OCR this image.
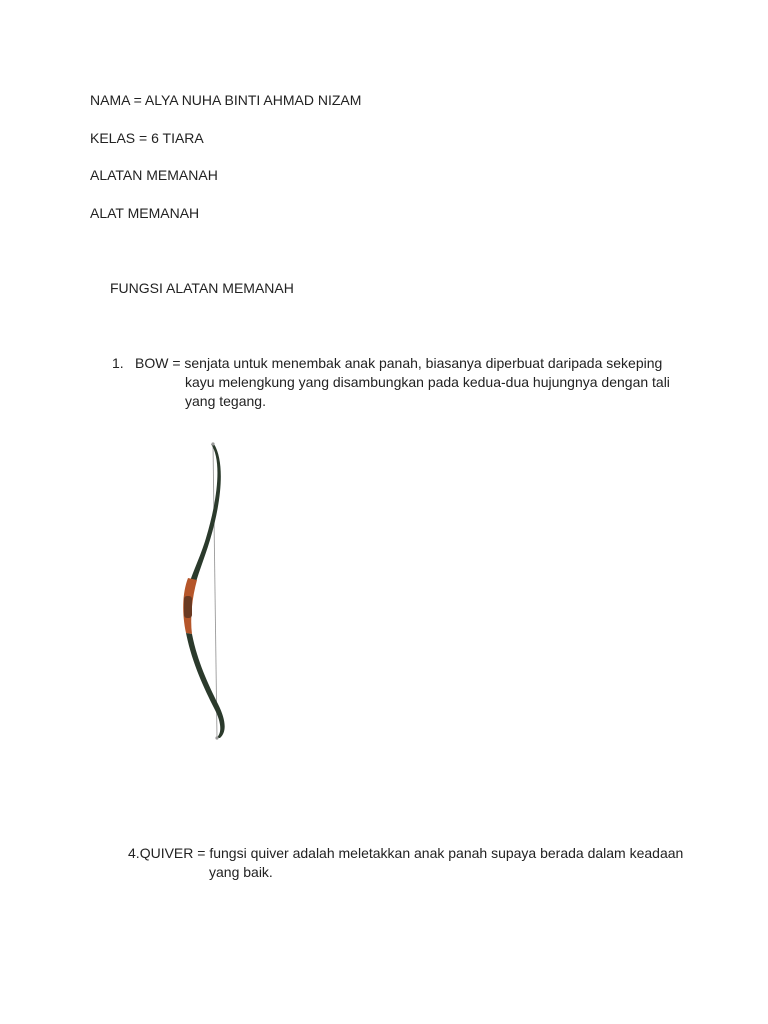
NAMA = ALYA NUHA BINTI AHMAD NIZAM
KELAS = 6 TIARA
ALATAN MEMANAH
ALAT MEMANAH
FUNGSI ALATAN MEMANAH
1. BOW = senjata untuk menembak anak panah, biasanya diperbuat daripada sekeping
kayu melengkung yang disambungkan pada kedua-dua hujungnya dengan tali
yang tegang.
4.QUIVER = fungsi quiver adalah meletakkan anak panah supaya berada dalam keadaan
yang baik.
